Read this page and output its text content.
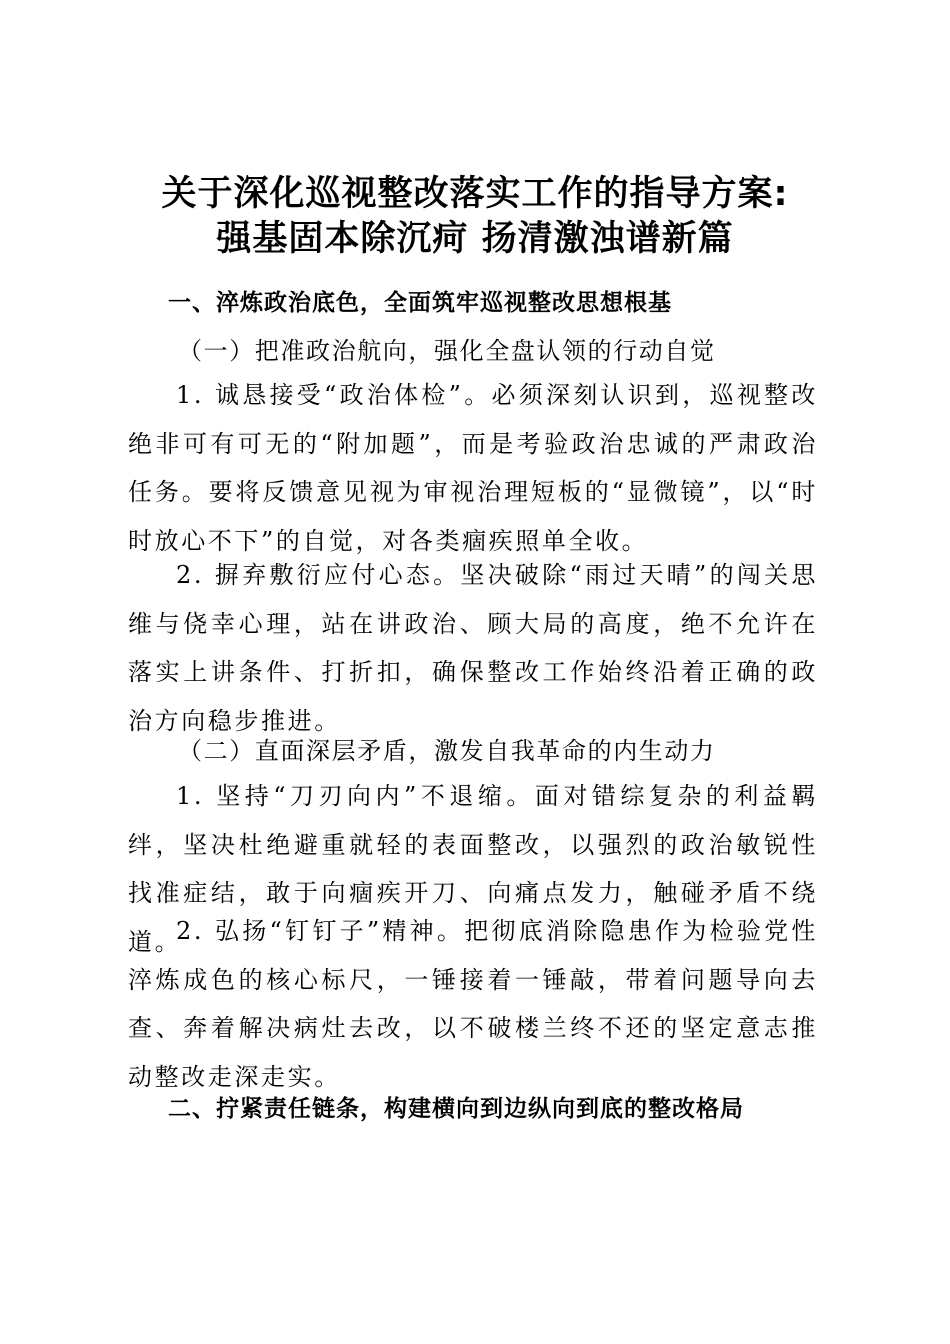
关于深化巡视整改落实工作的指导方案:
强基固本除沉疴 扬清激浊谱新篇

一、淬炼政治底色，全面筑牢巡视整改思想根基

（一）把准政治航向，强化全盘认领的行动自觉

1. 诚恳接受“政治体检”。必须深刻认识到，巡视整改绝非可有可无的“附加题”，而是考验政治忠诚的严肃政治任务。要将反馈意见视为审视治理短板的“显微镜”，以“时时放心不下”的自觉，对各类痼疾照单全收。

2. 摒弃敷衍应付心态。坚决破除“雨过天晴”的闯关思维与侥幸心理，站在讲政治、顾大局的高度，绝不允许在落实上讲条件、打折扣，确保整改工作始终沿着正确的政治方向稳步推进。

（二）直面深层矛盾，激发自我革命的内生动力

1. 坚持“刀刃向内”不退缩。面对错综复杂的利益羁绊，坚决杜绝避重就轻的表面整改，以强烈的政治敏锐性找准症结，敢于向痼疾开刀、向痛点发力，触碰矛盾不绕道。

2. 弘扬“钉钉子”精神。把彻底消除隐患作为检验党性淬炼成色的核心标尺，一锤接着一锤敲，带着问题导向去查、奔着解决病灶去改，以不破楼兰终不还的坚定意志推动整改走深走实。

二、拧紧责任链条，构建横向到边纵向到底的整改格局
